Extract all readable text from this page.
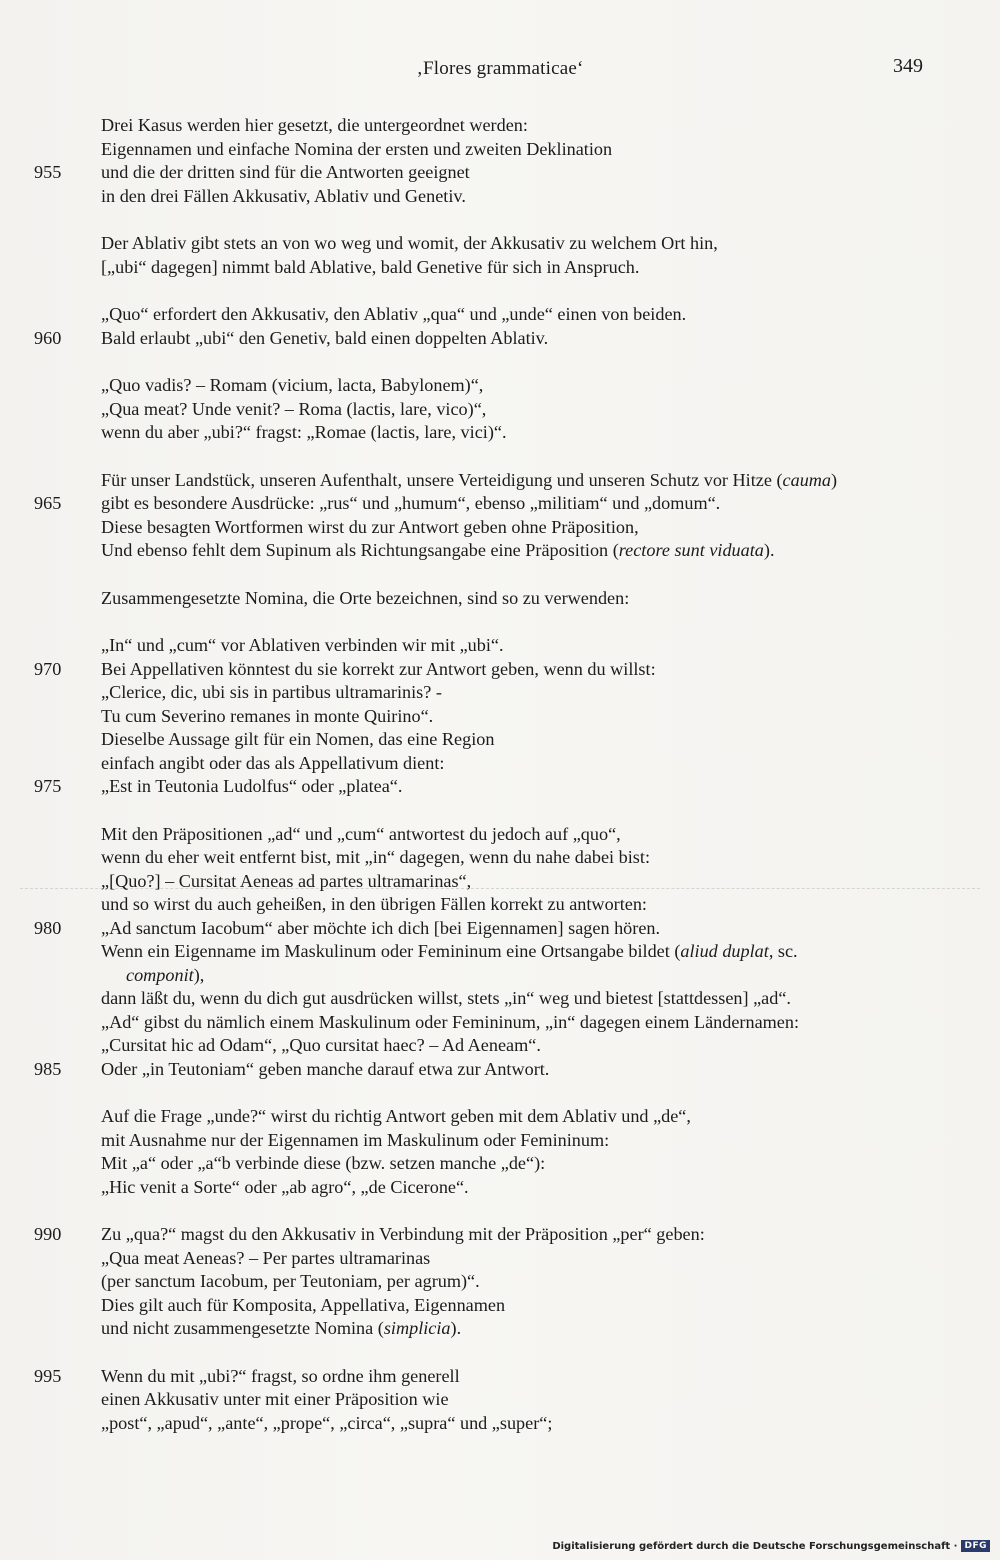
‚Flores grammaticae‘	349
Drei Kasus werden hier gesetzt, die untergeordnet werden:
Eigennamen und einfache Nomina der ersten und zweiten Deklination
955	und die der dritten sind für die Antworten geeignet
in den drei Fällen Akkusativ, Ablativ und Genetiv.
Der Ablativ gibt stets an von wo weg und womit, der Akkusativ zu welchem Ort hin,
[„ubi“ dagegen] nimmt bald Ablative, bald Genetive für sich in Anspruch.
„Quo“ erfordert den Akkusativ, den Ablativ „qua“ und „unde“ einen von beiden.
960	Bald erlaubt „ubi“ den Genetiv, bald einen doppelten Ablativ.
„Quo vadis? – Romam (vicium, lacta, Babylonem)“,
„Qua meat? Unde venit? – Roma (lactis, lare, vico)“,
wenn du aber „ubi?“ fragst: „Romae (lactis, lare, vici)“.
Für unser Landstück, unseren Aufenthalt, unsere Verteidigung und unseren Schutz vor Hitze (cauma)
965	gibt es besondere Ausdrücke: „rus“ und „humum“, ebenso „militiam“ und „domum“.
Diese besagten Wortformen wirst du zur Antwort geben ohne Präposition,
Und ebenso fehlt dem Supinum als Richtungsangabe eine Präposition (rectore sunt viduata).
Zusammengesetzte Nomina, die Orte bezeichnen, sind so zu verwenden:
„In“ und „cum“ vor Ablativen verbinden wir mit „ubi“.
970	Bei Appellativen könntest du sie korrekt zur Antwort geben, wenn du willst:
„Clerice, dic, ubi sis in partibus ultramarinis? -
Tu cum Severino remanes in monte Quirino“.
Dieselbe Aussage gilt für ein Nomen, das eine Region
einfach angibt oder das als Appellativum dient:
975	„Est in Teutonia Ludolfus“ oder „platea“.
Mit den Präpositionen „ad“ und „cum“ antwortest du jedoch auf „quo“,
wenn du eher weit entfernt bist, mit „in“ dagegen, wenn du nahe dabei bist:
„[Quo?] – Cursitat Aeneas ad partes ultramarinas“,
und so wirst du auch geheißen, in den übrigen Fällen korrekt zu antworten:
980	„Ad sanctum Iacobum“ aber möchte ich dich [bei Eigennamen] sagen hören.
Wenn ein Eigenname im Maskulinum oder Femininum eine Ortsangabe bildet (aliud duplat, sc.
componit),
dann läßt du, wenn du dich gut ausdrücken willst, stets „in“ weg und bietest [stattdessen] „ad“.
„Ad“ gibst du nämlich einem Maskulinum oder Femininum, „in“ dagegen einem Ländernamen:
„Cursitat hic ad Odam“, „Quo cursitat haec? – Ad Aeneam“.
985	Oder „in Teutoniam“ geben manche darauf etwa zur Antwort.
Auf die Frage „unde?“ wirst du richtig Antwort geben mit dem Ablativ und „de“,
mit Ausnahme nur der Eigennamen im Maskulinum oder Femininum:
Mit „a“ oder „a“b verbinde diese (bzw. setzen manche „de“):
„Hic venit a Sorte“ oder „ab agro“, „de Cicerone“.
990	Zu „qua?“ magst du den Akkusativ in Verbindung mit der Präposition „per“ geben:
„Qua meat Aeneas? – Per partes ultramarinas
(per sanctum Iacobum, per Teutoniam, per agrum)“.
Dies gilt auch für Komposita, Appellativa, Eigennamen
und nicht zusammengesetzte Nomina (simplicia).
995	Wenn du mit „ubi?“ fragst, so ordne ihm generell
einen Akkusativ unter mit einer Präposition wie
„post“, „apud“, „ante“, „prope“, „circa“, „supra“ und „super“;
Digitalisierung gefördert durch die Deutsche Forschungsgemeinschaft · DFG
